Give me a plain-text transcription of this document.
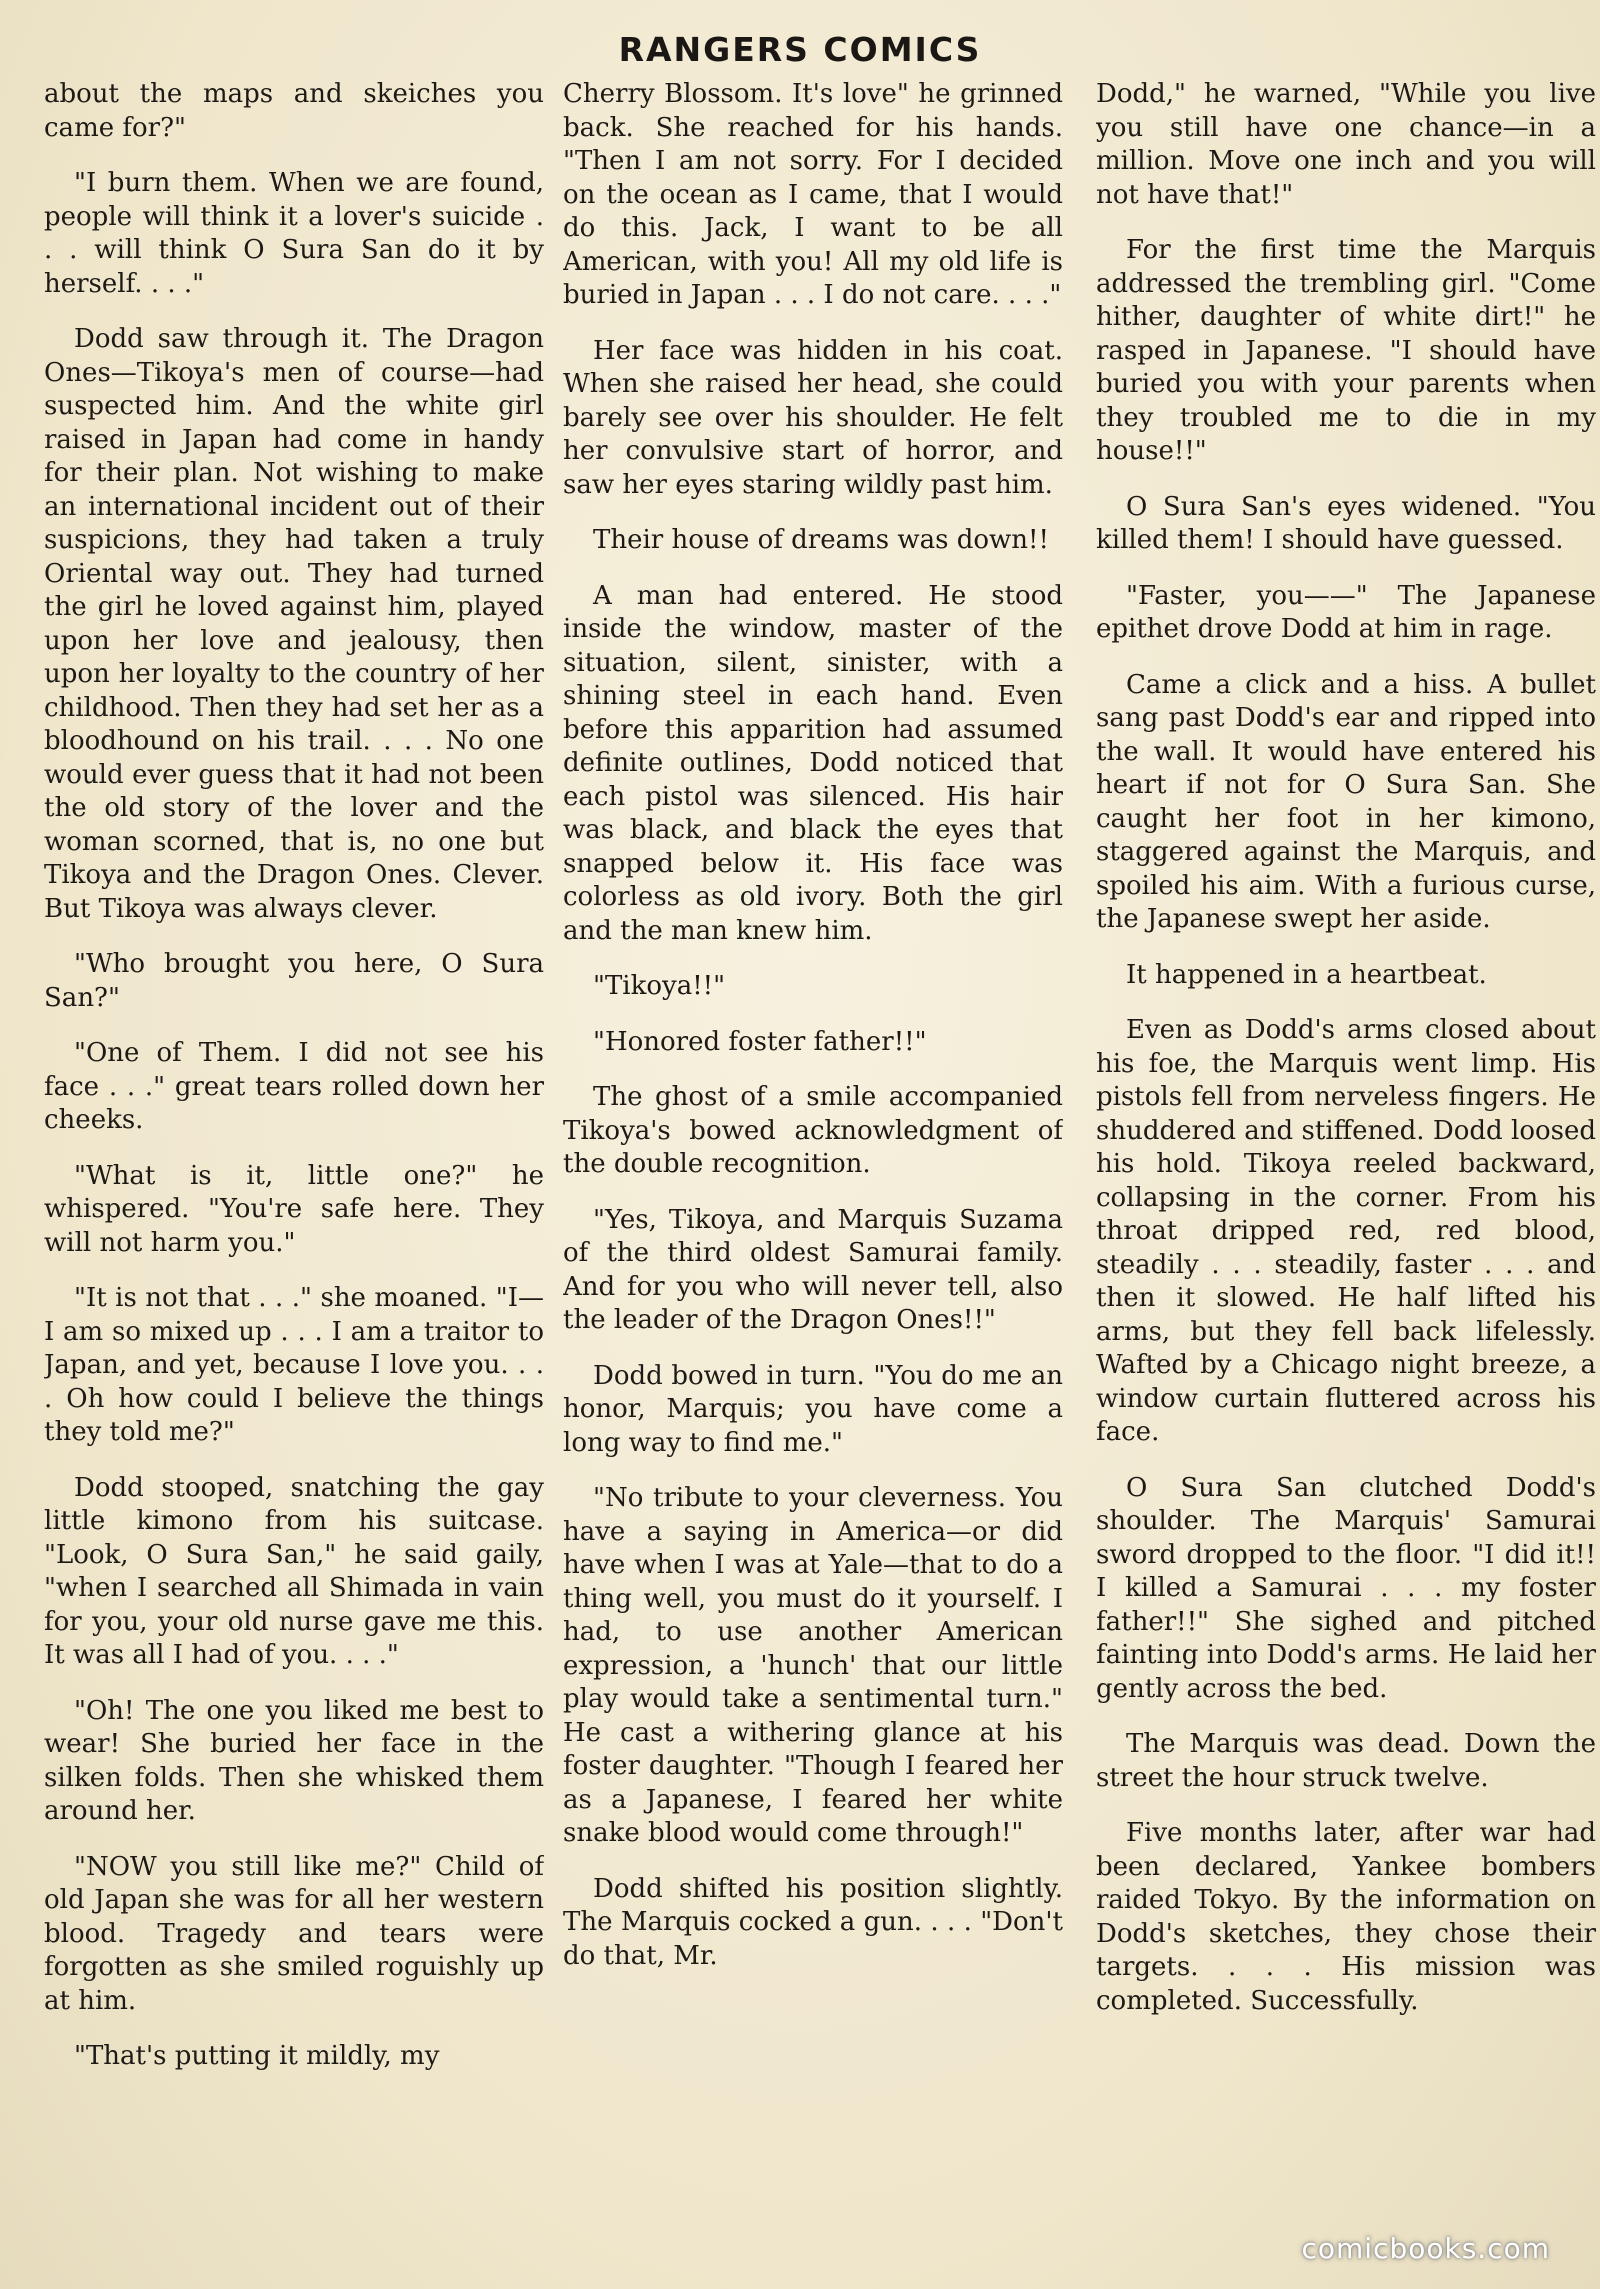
RANGERS COMICS

about the maps and skeiches you came for?"

"I burn them. When we are found, people will think it a lover's suicide . . . will think O Sura San do it by herself. . . ."

Dodd saw through it. The Dragon Ones—Tikoya's men of course—had suspected him. And the white girl raised in Japan had come in handy for their plan. Not wishing to make an international incident out of their suspicions, they had taken a truly Oriental way out. They had turned the girl he loved against him, played upon her love and jealousy, then upon her loyalty to the country of her childhood. Then they had set her as a bloodhound on his trail. . . . No one would ever guess that it had not been the old story of the lover and the woman scorned, that is, no one but Tikoya and the Dragon Ones. Clever. But Tikoya was always clever.

"Who brought you here, O Sura San?"

"One of Them. I did not see his face . . ." great tears rolled down her cheeks.

"What is it, little one?" he whispered. "You're safe here. They will not harm you."

"It is not that . . ." she moaned. "I—I am so mixed up . . . I am a traitor to Japan, and yet, because I love you. . . . Oh how could I believe the things they told me?"

Dodd stooped, snatching the gay little kimono from his suitcase. "Look, O Sura San," he said gaily, "when I searched all Shimada in vain for you, your old nurse gave me this. It was all I had of you. . . ."

"Oh! The one you liked me best to wear! She buried her face in the silken folds. Then she whisked them around her.

"NOW you still like me?" Child of old Japan she was for all her western blood. Tragedy and tears were forgotten as she smiled roguishly up at him.

"That's putting it mildly, my

Cherry Blossom. It's love" he grinned back. She reached for his hands. "Then I am not sorry. For I decided on the ocean as I came, that I would do this. Jack, I want to be all American, with you! All my old life is buried in Japan . . . I do not care. . . ."

Her face was hidden in his coat. When she raised her head, she could barely see over his shoulder. He felt her convulsive start of horror, and saw her eyes staring wildly past him.

Their house of dreams was down!!

A man had entered. He stood inside the window, master of the situation, silent, sinister, with a shining steel in each hand. Even before this apparition had assumed definite outlines, Dodd noticed that each pistol was silenced. His hair was black, and black the eyes that snapped below it. His face was colorless as old ivory. Both the girl and the man knew him.

"Tikoya!!"

"Honored foster father!!"

The ghost of a smile accompanied Tikoya's bowed acknowledgment of the double recognition.

"Yes, Tikoya, and Marquis Suzama of the third oldest Samurai family. And for you who will never tell, also the leader of the Dragon Ones!!"

Dodd bowed in turn. "You do me an honor, Marquis; you have come a long way to find me."

"No tribute to your cleverness. You have a saying in America—or did have when I was at Yale—that to do a thing well, you must do it yourself. I had, to use another American expression, a 'hunch' that our little play would take a sentimental turn." He cast a withering glance at his foster daughter. "Though I feared her as a Japanese, I feared her white snake blood would come through!"

Dodd shifted his position slightly. The Marquis cocked a gun. . . . "Don't do that, Mr.

Dodd," he warned, "While you live you still have one chance—in a million. Move one inch and you will not have that!"

For the first time the Marquis addressed the trembling girl. "Come hither, daughter of white dirt!" he rasped in Japanese. "I should have buried you with your parents when they troubled me to die in my house!!"

O Sura San's eyes widened. "You killed them! I should have guessed.

"Faster, you——" The Japanese epithet drove Dodd at him in rage.

Came a click and a hiss. A bullet sang past Dodd's ear and ripped into the wall. It would have entered his heart if not for O Sura San. She caught her foot in her kimono, staggered against the Marquis, and spoiled his aim. With a furious curse, the Japanese swept her aside.

It happened in a heartbeat.

Even as Dodd's arms closed about his foe, the Marquis went limp. His pistols fell from nerveless fingers. He shuddered and stiffened. Dodd loosed his hold. Tikoya reeled backward, collapsing in the corner. From his throat dripped red, red blood, steadily . . . steadily, faster . . . and then it slowed. He half lifted his arms, but they fell back lifelessly. Wafted by a Chicago night breeze, a window curtain fluttered across his face.

O Sura San clutched Dodd's shoulder. The Marquis' Samurai sword dropped to the floor. "I did it!! I killed a Samurai . . . my foster father!!" She sighed and pitched fainting into Dodd's arms. He laid her gently across the bed.

The Marquis was dead. Down the street the hour struck twelve.

Five months later, after war had been declared, Yankee bombers raided Tokyo. By the information on Dodd's sketches, they chose their targets. . . . His mission was completed. Successfully.

comicbooks.com
